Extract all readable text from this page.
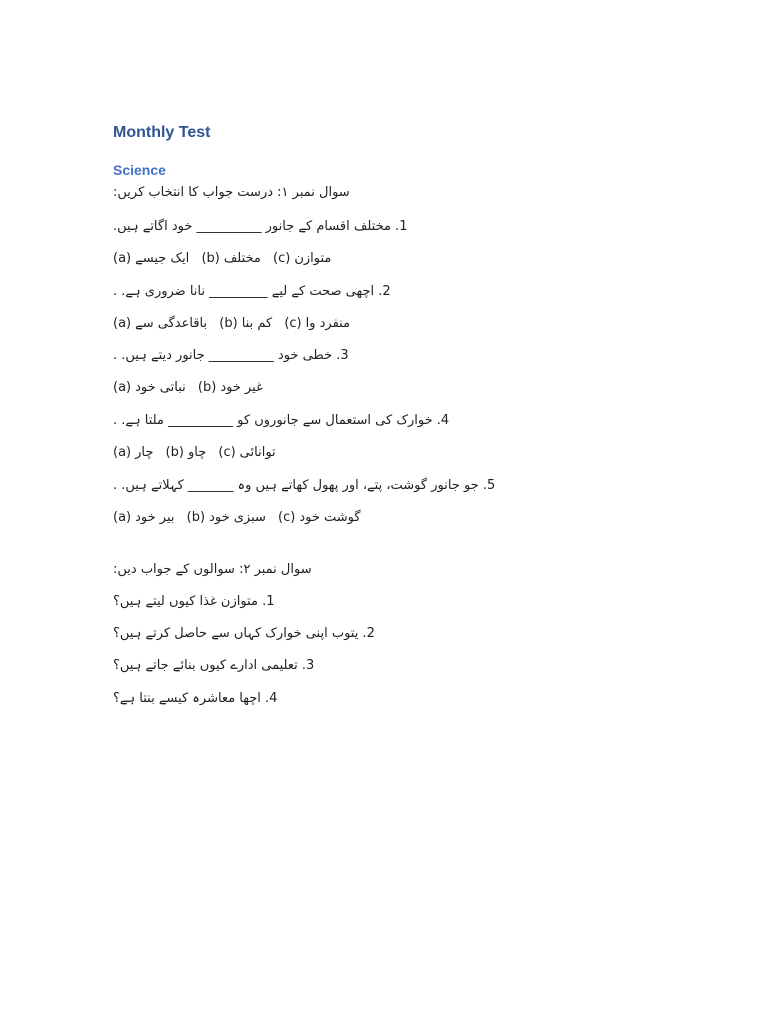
Monthly Test
Science
سوال نمبر ۱: درست جواب کا انتخاب کریں:
1. مختلف اقسام کے جانور __________ خود اگاتے ہیں.
(a) ایک جیسے (b) مختلف (c) متوازن
2. اچھی صحت کے لیے _________ نانا ضروری ہے. .
(a) باقاعدگی سے (b) کم بنا (c) منفرد وا
3. خطی خود __________ جانور دیتے ہیں. .
(a) نباتی خود (b) غیر خود
4. خوارک کی استعمال سے جانوروں کو __________ ملتا ہے. .
(a) چار (b) چاو (c) توانائی
5. جو جانور گوشت، پتے، اور پھول کھاتے ہیں وہ _______ کہلاتے ہیں. .
(a) بیر خود (b) سبزی خود (c) گوشت خود
سوال نمبر ۲: سوالوں کے جواب دیں:
1. متوازن غذا کیوں لیتے ہیں؟
2. یتوب اپنی خوارک کہاں سے حاصل کرتے ہیں؟
3. تعلیمی ادارے کیوں بنائے جاتے ہیں؟
4. اچھا معاشرہ کیسے بنتا ہے؟
